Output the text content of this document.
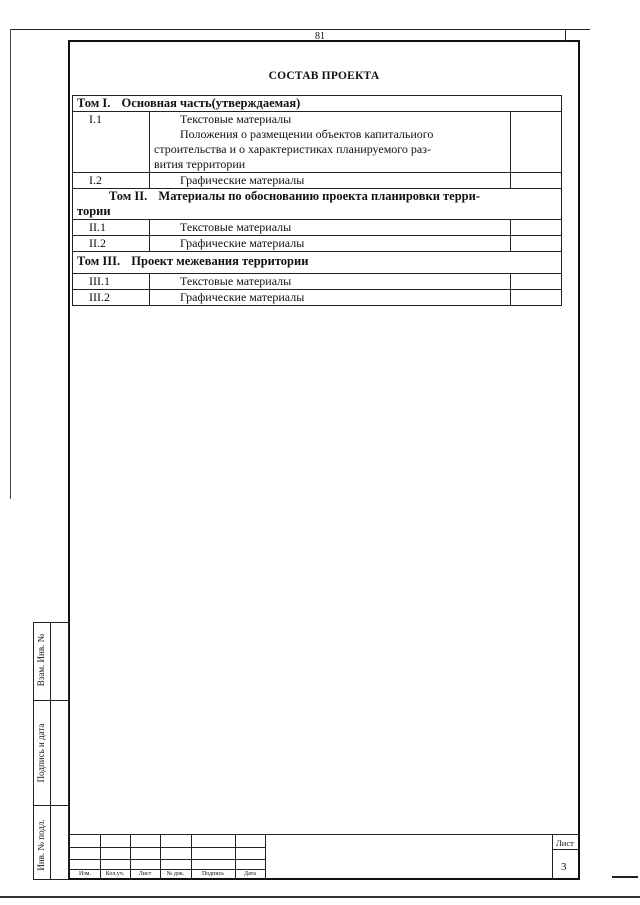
81
СОСТАВ ПРОЕКТА
Том I. Основная часть(утверждаемая)		
I.1	Текстовые материалы
Положения о размещении объектов капитальиого
строительства и о характеристиках планируемого раз-
вития территории	

I.2	Графические материалы	

Том II. Материалы по обоснованию проекта планировки терри-
тории		

II.1	Текстовые материалы	
II.2	Графические материалы	
Том III. Проект межевания территории		
III.1	Текстовые материалы	
III.2	Графические материалы	
Взам. Инв. №
Подпись и дата
Инв. № подл.
Изм.	Кол.уч.	Лист	№ док.	Подпись	Дата
Лист
3
